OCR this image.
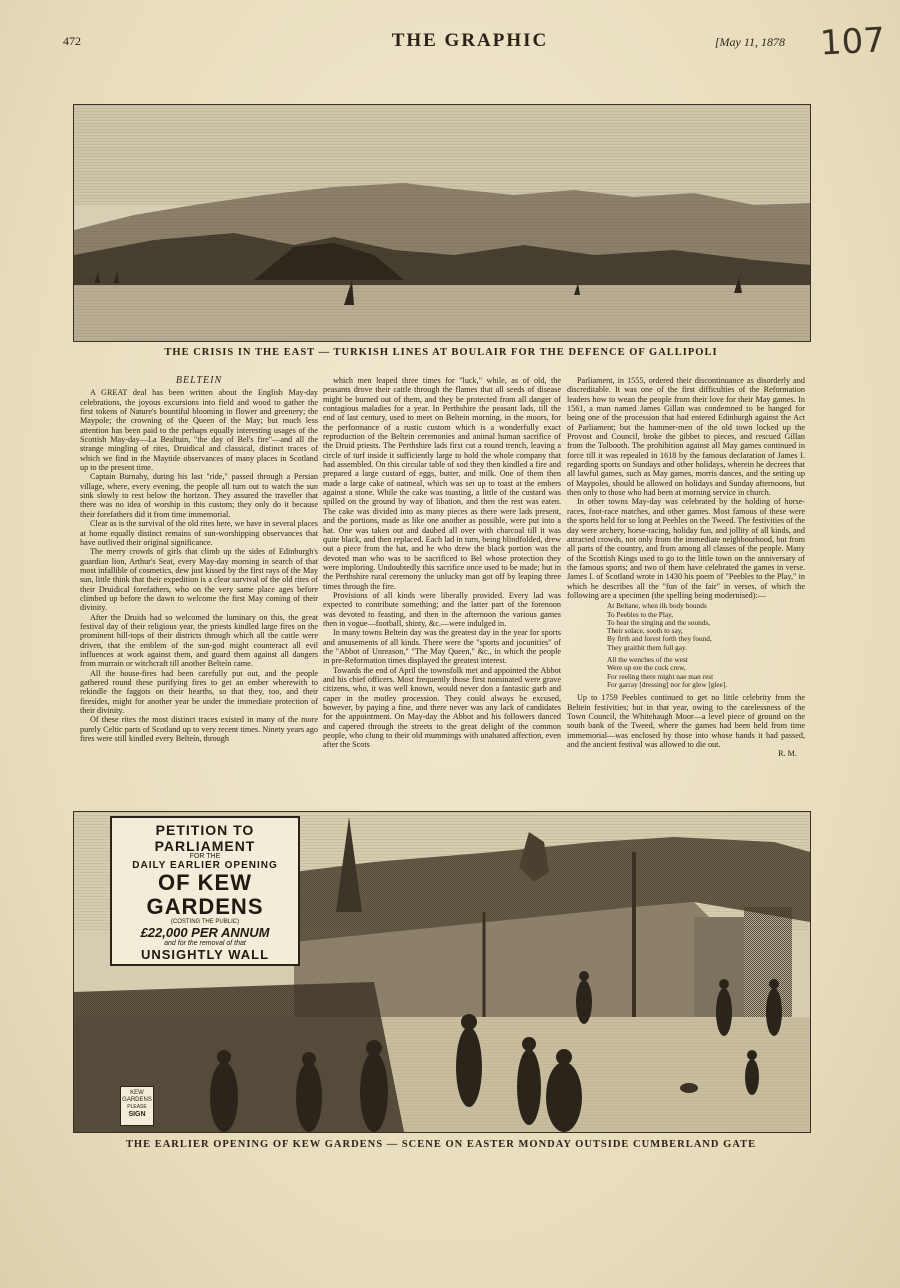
472	THE GRAPHIC	[May 11, 1878 107
THE CRISIS IN THE EAST — TURKISH LINES AT BOULAIR FOR THE DEFENCE OF GALLIPOLI

BELTEIN

A GREAT deal has been written about the English May-day celebrations, the joyous excursions into field and wood to gather the first tokens of Nature's bountiful blooming in flower and greenery; the Maypole; the crowning of the Queen of the May; but much less attention has been paid to the perhaps equally interesting usages of the Scottish May-day—La Bealtuin, "the day of Bel's fire"—and all the strange mingling of rites, Druidical and classical, distinct traces of which we find in the Maytide observances of many places in Scotland up to the present time.

Captain Burnaby, during his last "ride," passed through a Persian village, where, every evening, the people all turn out to watch the sun sink slowly to rest below the horizon. They assured the traveller that there was no idea of worship in this custom; they only do it because their forefathers did it from time immemorial.

Clear as is the survival of the old rites here, we have in several places at home equally distinct remains of sun-worshipping observances that have outlived their original significance.

The merry crowds of girls that climb up the sides of Edinburgh's guardian lion, Arthur's Seat, every May-day morning in search of that most infallible of cosmetics, dew just kissed by the first rays of the May sun, little think that their expedition is a clear survival of the old rites of their Druidical forefathers, who on the very same place ages before climbed up before the dawn to welcome the first May coming of their divinity.

After the Druids had so welcomed the luminary on this, the great festival day of their religious year, the priests kindled large fires on the prominent hill-tops of their districts through which all the cattle were driven, that the emblem of the sun-god might counteract all evil influences at work against them, and guard them against all dangers from murrain or witchcraft till another Belteín came.

All the house-fires had been carefully put out, and the people gathered round these purifying fires to get an ember wherewith to rekindle the faggots on their hearths, so that they, too, and their firesides, might for another year be under the immediate protection of their divinity.

Of these rites the most distinct traces existed in many of the more purely Celtic parts of Scotland up to very recent times. Ninety years ago fires were still kindled every Belteín, through

which men leaped three times for "luck," while, as of old, the peasants drove their cattle through the flames that all seeds of disease might be burned out of them, and they be protected from all danger of contagious maladies for a year. In Perthshire the peasant lads, till the end of last century, used to meet on Beltein morning, in the moors, for the performance of a rustic custom which is a wonderfully exact reproduction of the Beltein ceremonies and animal human sacrifice of the Druid priests. The Perthshire lads first cut a round trench, leaving a circle of turf inside it sufficiently large to hold the whole company that had assembled. On this circular table of sod they then kindled a fire and prepared a large custard of eggs, butter, and milk. One of them then made a large cake of oatmeal, which was set up to toast at the embers against a stone. While the cake was toasting, a little of the custard was spilled on the ground by way of libation, and then the rest was eaten. The cake was divided into as many pieces as there were lads present, and the portions, made as like one another as possible, were put into a hat. One was taken out and daubed all over with charcoal till it was quite black, and then replaced. Each lad in turn, being blindfolded, drew out a piece from the hat, and he who drew the black portion was the devoted man who was to be sacrificed to Bel whose protection they were imploring. Undoubtedly this sacrifice once used to be made; but in the Perthshire rural ceremony the unlucky man got off by leaping three times through the fire.

Provisions of all kinds were liberally provided. Every lad was expected to contribute something; and the latter part of the forenoon was devoted to feasting, and then in the afternoon the various games then in vogue—football, shinty, &c.—were indulged in.

In many towns Beltein day was the greatest day in the year for sports and amusements of all kinds. There were the "sports and jocunities" of the "Abbot of Unreason," "The May Queen," &c., in which the people in pre-Reformation times displayed the greatest interest.

Towards the end of April the townsfolk met and appointed the Abbot and his chief officers. Most frequently those first nominated were grave citizens, who, it was well known, would never don a fantastic garb and caper in the motley procession. They could always be excused, however, by paying a fine, and there never was any lack of candidates for the appointment. On May-day the Abbot and his followers danced and capered through the streets to the great delight of the common people, who clung to their old mummings with unabated affection, even after the Scots

Parliament, in 1555, ordered their discontinuance as disorderly and discreditable. It was one of the first difficulties of the Reformation leaders how to wean the people from their love for their May games. In 1561, a man named James Gillan was condemned to be hanged for being one of the procession that had entered Edinburgh against the Act of Parliament; but the hammer-men of the old town locked up the Provost and Council, broke the gibbet to pieces, and rescued Gillan from the Tolbooth. The prohibition against all May games continued in force till it was repealed in 1618 by the famous declaration of James I. regarding sports on Sundays and other holidays, wherein he decrees that all lawful games, such as May games, morris dances, and the setting up of Maypoles, should be allowed on holidays and Sunday afternoons, but then only to those who had been at morning service in church.

In other towns May-day was celebrated by the holding of horse-races, foot-race matches, and other games. Most famous of these were the sports held for so long at Peebles on the Tweed. The festivities of the day were archery, horse-racing, holiday fun, and jollity of all kinds, and attracted crowds, not only from the immediate neighbourhood, but from all parts of the country, and from among all classes of the people. Many of the Scottish Kings used to go to the little town on the anniversary of the famous sports; and two of them have celebrated the games in verse. James I. of Scotland wrote in 1430 his poem of "Peebles to the Play," in which he describes all the "fun of the fair" in verses, of which the following are a specimen (the spelling being modernised):—

At Beltane, when ilk body bounds
To Peebles to the Play,
To hear the singing and the sounds,
Their solace, sooth to say,
By firth and forest forth they found,
They graithit them full gay.
All the wenches of the west
Were up ere the cock crew,
For reeling there might nae man rest
For garray [dressing] nor for glew [glee].

Up to 1759 Peebles continued to get no little celebrity from the Beltein festivities; but in that year, owing to the carelessness of the Town Council, the Whitehaugh Moor—a level piece of ground on the south bank of the Tweed, where the games had been held from time immemorial—was enclosed by those into whose hands it had passed, and the ancient festival was allowed to die out.

R. M.

PETITION TO PARLIAMENT
FOR THE
DAILY EARLIER OPENING
OF KEW GARDENS
(COSTING THE PUBLIC)
£22,000 PER ANNUM
and for the removal of that
UNSIGHTLY WALL
KEW
GARDENS
PLEASE
SIGN
THE EARLIER OPENING OF KEW GARDENS — SCENE ON EASTER MONDAY OUTSIDE CUMBERLAND GATE
